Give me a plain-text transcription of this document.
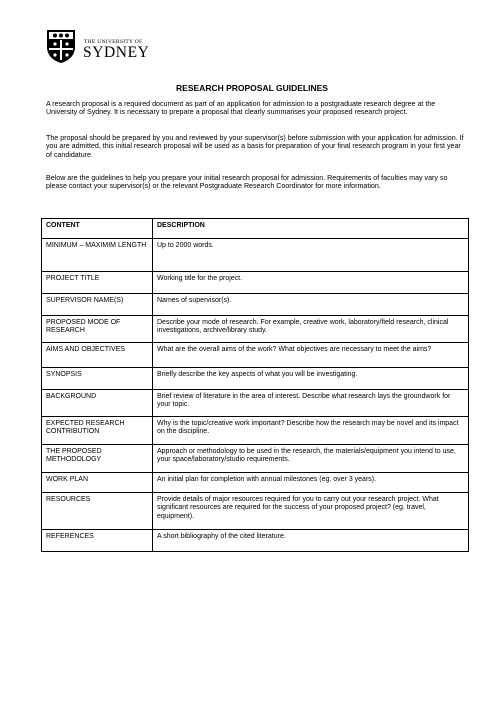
THE UNIVERSITY OF
SYDNEY
RESEARCH PROPOSAL GUIDELINES
A research proposal is a required document as part of an application for admission to a postgraduate research degree at the University of Sydney. It is necessary to prepare a proposal that clearly summarises your proposed research project.
The proposal should be prepared by you and reviewed by your supervisor(s) before submission with your application for admission. If you are admitted, this initial research proposal will be used as a basis for preparation of your final research program in your first year of candidature.
Below are the guidelines to help you prepare your initial research proposal for admission. Requirements of faculties may vary so please contact your supervisor(s) or the relevant Postgraduate Research Coordinator for more information.
CONTENT	DESCRIPTION
MINIMUM – MAXIMIM LENGTH	Up to 2000 words.
PROJECT TITLE	Working title for the project.
SUPERVISOR NAME(S)	Names of supervisor(s).
PROPOSED MODE OF RESEARCH	Describe your mode of research. For example, creative work, laboratory/field research, clinical investigations, archive/library study.
AIMS AND OBJECTIVES	What are the overall aims of the work? What objectives are necessary to meet the aims?
SYNOPSIS	Briefly describe the key aspects of what you will be investigating.
BACKGROUND	Brief review of literature in the area of interest. Describe what research lays the groundwork for your topic.
EXPECTED RESEARCH CONTRIBUTION	Why is the topic/creative work important? Describe how the research may be novel and its impact on the discipline.
THE PROPOSED METHODOLOGY	Approach or methodology to be used in the research, the materials/equipment you intend to use, your space/laboratory/studio requirements.
WORK PLAN	An initial plan for completion with annual milestones (eg. over 3 years).
RESOURCES	Provide details of major resources required for you to carry out your research project. What significant resources are required for the success of your proposed project? (eg. travel, equipment).
REFERENCES	A short bibliography of the cited literature.
